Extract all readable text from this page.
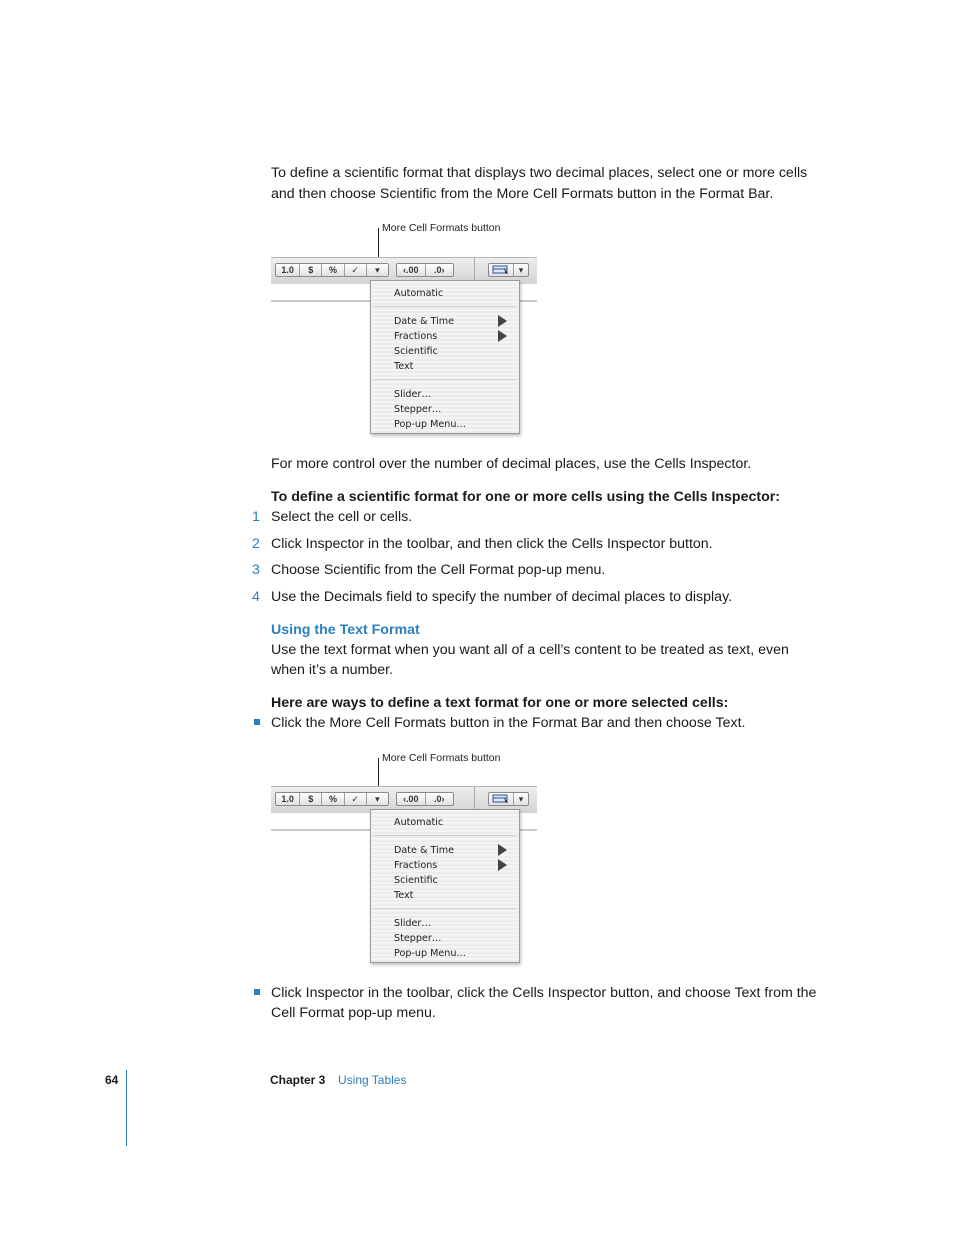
To define a scientific format that displays two decimal places, select one or more cells
and then choose Scientific from the More Cell Formats button in the Format Bar.
More Cell Formats button
1.0	$	%	✓	▾	‹.00	.0›	▾
Automatic
Date & Time
Fractions
Scientific
Text
Slider…
Stepper…
Pop-up Menu…
For more control over the number of decimal places, use the Cells Inspector.
To define a scientific format for one or more cells using the Cells Inspector:
1 Select the cell or cells.
2 Click Inspector in the toolbar, and then click the Cells Inspector button.
3 Choose Scientific from the Cell Format pop-up menu.
4 Use the Decimals field to specify the number of decimal places to display.
Using the Text Format
Use the text format when you want all of a cell’s content to be treated as text, even
when it’s a number.
Here are ways to define a text format for one or more selected cells:
Click the More Cell Formats button in the Format Bar and then choose Text.
More Cell Formats button
1.0	$	%	✓	▾	‹.00	.0›	▾
Automatic
Date & Time
Fractions
Scientific
Text
Slider…
Stepper…
Pop-up Menu…
Click Inspector in the toolbar, click the Cells Inspector button, and choose Text from the
Cell Format pop-up menu.
64	Chapter 3 Using Tables
